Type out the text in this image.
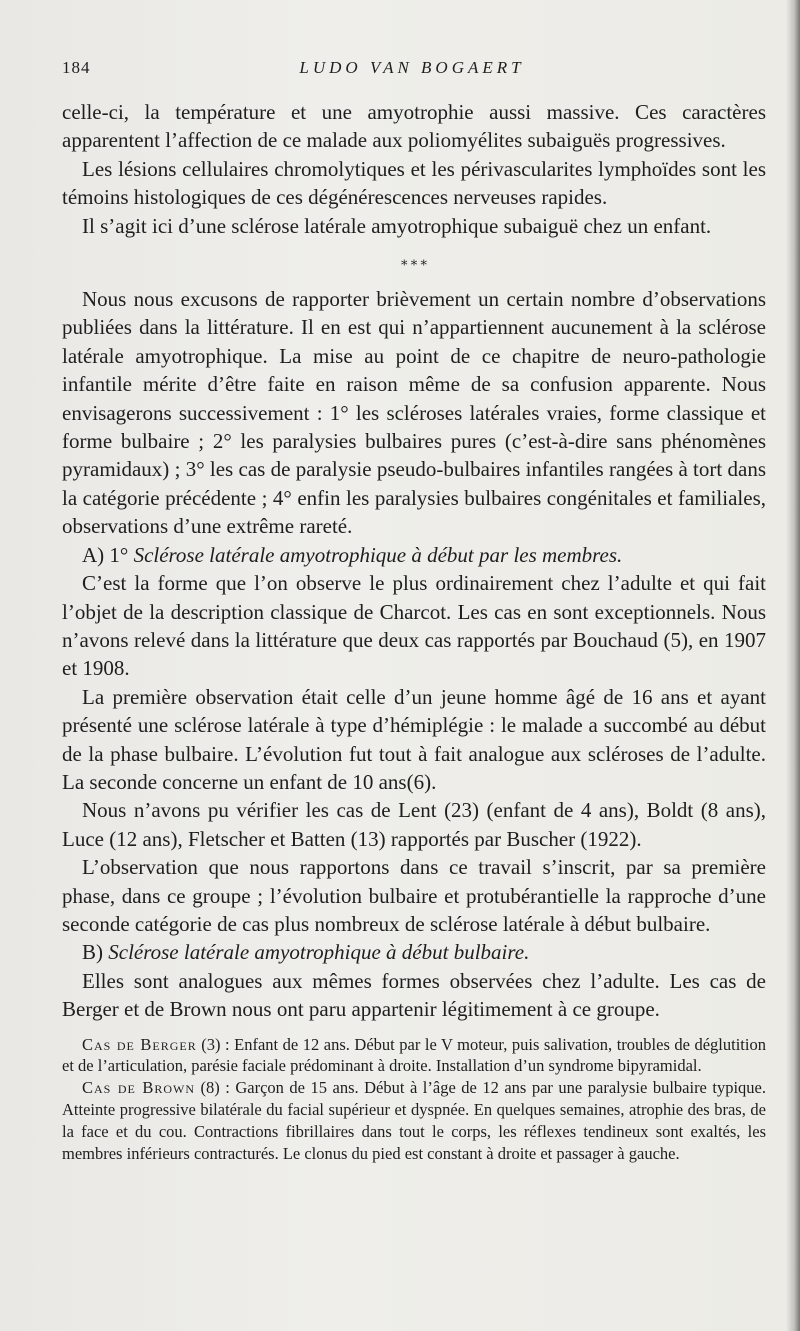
184	LUDO VAN BOGAERT

celle-ci, la température et une amyotrophie aussi massive. Ces caractères apparentent l’affection de ce malade aux poliomyélites subaiguës progressives.

Les lésions cellulaires chromolytiques et les périvascularites lymphoïdes sont les témoins histologiques de ces dégénérescences nerveuses rapides.

Il s’agit ici d’une sclérose latérale amyotrophique subaiguë chez un enfant.

⁎ ⁎ ⁎

Nous nous excusons de rapporter brièvement un certain nombre d’observations publiées dans la littérature. Il en est qui n’appartiennent aucunement à la sclérose latérale amyotrophique. La mise au point de ce chapitre de neuro-pathologie infantile mérite d’être faite en raison même de sa confusion apparente. Nous envisagerons successivement : 1° les scléroses latérales vraies, forme classique et forme bulbaire ; 2° les paralysies bulbaires pures (c’est-à-dire sans phénomènes pyramidaux) ; 3° les cas de paralysie pseudo-bulbaires infantiles rangées à tort dans la catégorie précédente ; 4° enfin les paralysies bulbaires congénitales et familiales, observations d’une extrême rareté.

A) 1° Sclérose latérale amyotrophique à début par les membres.

C’est la forme que l’on observe le plus ordinairement chez l’adulte et qui fait l’objet de la description classique de Charcot. Les cas en sont exceptionnels. Nous n’avons relevé dans la littérature que deux cas rapportés par Bouchaud (5), en 1907 et 1908.

La première observation était celle d’un jeune homme âgé de 16 ans et ayant présenté une sclérose latérale à type d’hémiplégie : le malade a succombé au début de la phase bulbaire. L’évolution fut tout à fait analogue aux scléroses de l’adulte. La seconde concerne un enfant de 10 ans(6).

Nous n’avons pu vérifier les cas de Lent (23) (enfant de 4 ans), Boldt (8 ans), Luce (12 ans), Fletscher et Batten (13) rapportés par Buscher (1922).

L’observation que nous rapportons dans ce travail s’inscrit, par sa première phase, dans ce groupe ; l’évolution bulbaire et protubérantielle la rapproche d’une seconde catégorie de cas plus nombreux de sclérose latérale à début bulbaire.

B) Sclérose latérale amyotrophique à début bulbaire.

Elles sont analogues aux mêmes formes observées chez l’adulte. Les cas de Berger et de Brown nous ont paru appartenir légitimement à ce groupe.

Cas de Berger (3) : Enfant de 12 ans. Début par le V moteur, puis salivation, troubles de déglutition et de l’articulation, parésie faciale prédominant à droite. Installation d’un syndrome bipyramidal.

Cas de Brown (8) : Garçon de 15 ans. Début à l’âge de 12 ans par une paralysie bulbaire typique. Atteinte progressive bilatérale du facial supérieur et dyspnée. En quelques semaines, atrophie des bras, de la face et du cou. Contractions fibrillaires dans tout le corps, les réflexes tendineux sont exaltés, les membres inférieurs contracturés. Le clonus du pied est constant à droite et passager à gauche.
